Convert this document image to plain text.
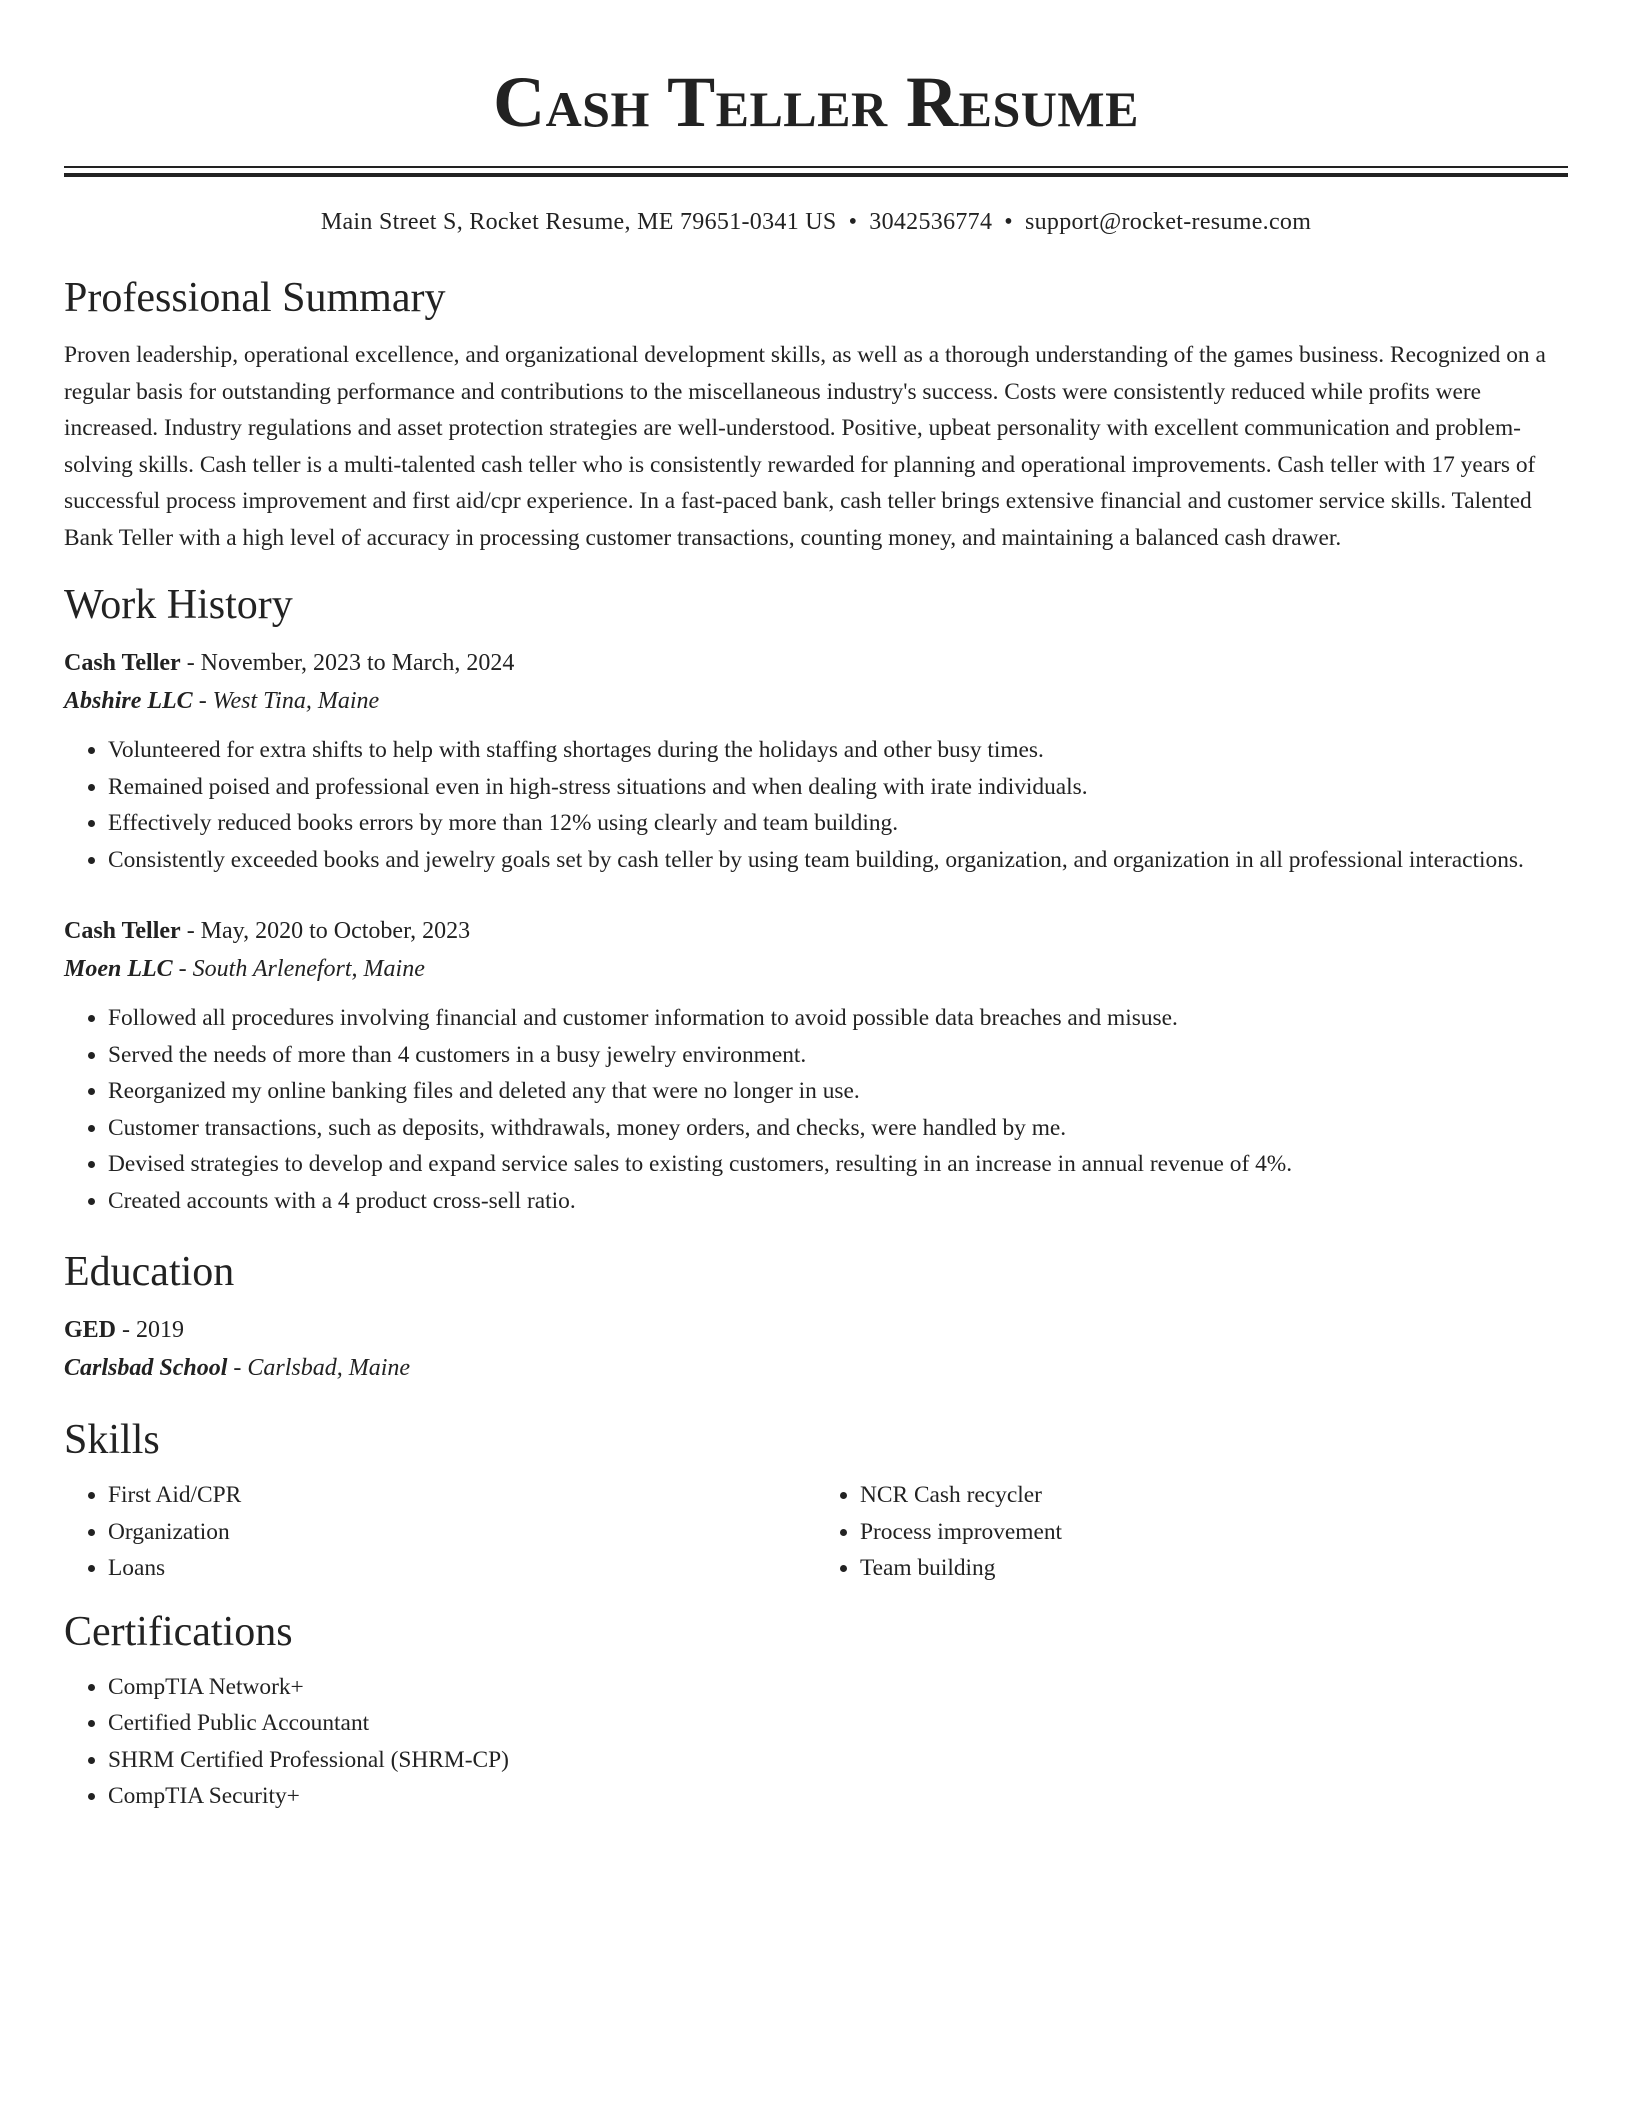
Cash Teller Resume
Main Street S, Rocket Resume, ME 79651-0341 US • 3042536774 • support@rocket-resume.com
Professional Summary
Proven leadership, operational excellence, and organizational development skills, as well as a thorough understanding of the games business. Recognized on a regular basis for outstanding performance and contributions to the miscellaneous industry's success. Costs were consistently reduced while profits were increased. Industry regulations and asset protection strategies are well-understood. Positive, upbeat personality with excellent communication and problem-solving skills. Cash teller is a multi-talented cash teller who is consistently rewarded for planning and operational improvements. Cash teller with 17 years of successful process improvement and first aid/cpr experience. In a fast-paced bank, cash teller brings extensive financial and customer service skills. Talented Bank Teller with a high level of accuracy in processing customer transactions, counting money, and maintaining a balanced cash drawer.
Work History
Cash Teller - November, 2023 to March, 2024
Abshire LLC - West Tina, Maine
• Volunteered for extra shifts to help with staffing shortages during the holidays and other busy times.
• Remained poised and professional even in high-stress situations and when dealing with irate individuals.
• Effectively reduced books errors by more than 12% using clearly and team building.
• Consistently exceeded books and jewelry goals set by cash teller by using team building, organization, and organization in all professional interactions.
Cash Teller - May, 2020 to October, 2023
Moen LLC - South Arlenefort, Maine
• Followed all procedures involving financial and customer information to avoid possible data breaches and misuse.
• Served the needs of more than 4 customers in a busy jewelry environment.
• Reorganized my online banking files and deleted any that were no longer in use.
• Customer transactions, such as deposits, withdrawals, money orders, and checks, were handled by me.
• Devised strategies to develop and expand service sales to existing customers, resulting in an increase in annual revenue of 4%.
• Created accounts with a 4 product cross-sell ratio.
Education
GED - 2019
Carlsbad School - Carlsbad, Maine
Skills
• First Aid/CPR
• Organization
• Loans
• NCR Cash recycler
• Process improvement
• Team building
Certifications
• CompTIA Network+
• Certified Public Accountant
• SHRM Certified Professional (SHRM-CP)
• CompTIA Security+
